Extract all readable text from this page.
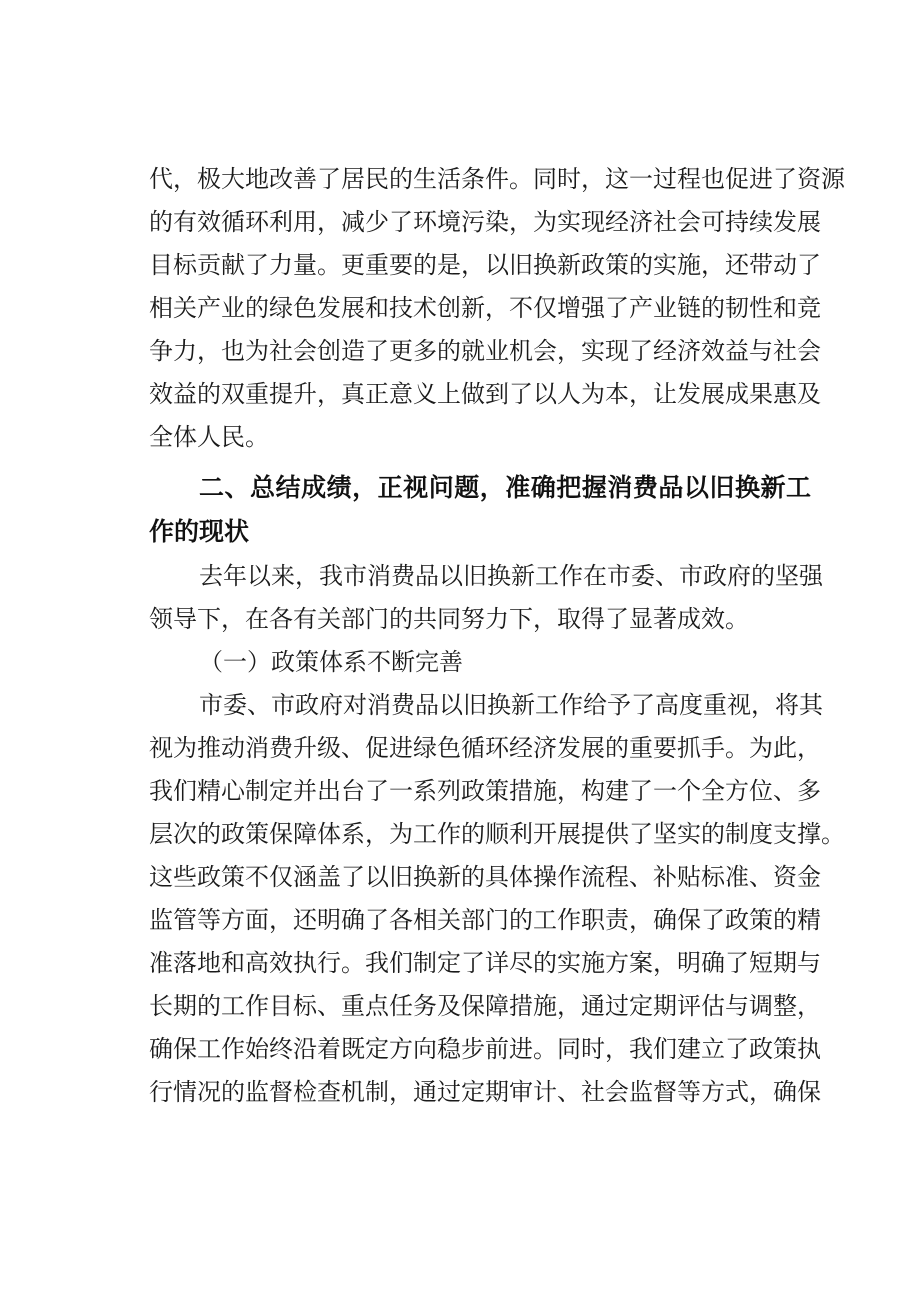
代，极大地改善了居民的生活条件。同时，这一过程也促进了资源
的有效循环利用，减少了环境污染，为实现经济社会可持续发展
目标贡献了力量。更重要的是，以旧换新政策的实施，还带动了
相关产业的绿色发展和技术创新，不仅增强了产业链的韧性和竞
争力，也为社会创造了更多的就业机会，实现了经济效益与社会
效益的双重提升，真正意义上做到了以人为本，让发展成果惠及
全体人民。
二、总结成绩，正视问题，准确把握消费品以旧换新工作的现状
去年以来，我市消费品以旧换新工作在市委、市政府的坚强
领导下，在各有关部门的共同努力下，取得了显著成效。
（一）政策体系不断完善
市委、市政府对消费品以旧换新工作给予了高度重视，将其
视为推动消费升级、促进绿色循环经济发展的重要抓手。为此，
我们精心制定并出台了一系列政策措施，构建了一个全方位、多
层次的政策保障体系，为工作的顺利开展提供了坚实的制度支撑。
这些政策不仅涵盖了以旧换新的具体操作流程、补贴标准、资金
监管等方面，还明确了各相关部门的工作职责，确保了政策的精
准落地和高效执行。我们制定了详尽的实施方案，明确了短期与
长期的工作目标、重点任务及保障措施，通过定期评估与调整，
确保工作始终沿着既定方向稳步前进。同时，我们建立了政策执
行情况的监督检查机制，通过定期审计、社会监督等方式，确保
